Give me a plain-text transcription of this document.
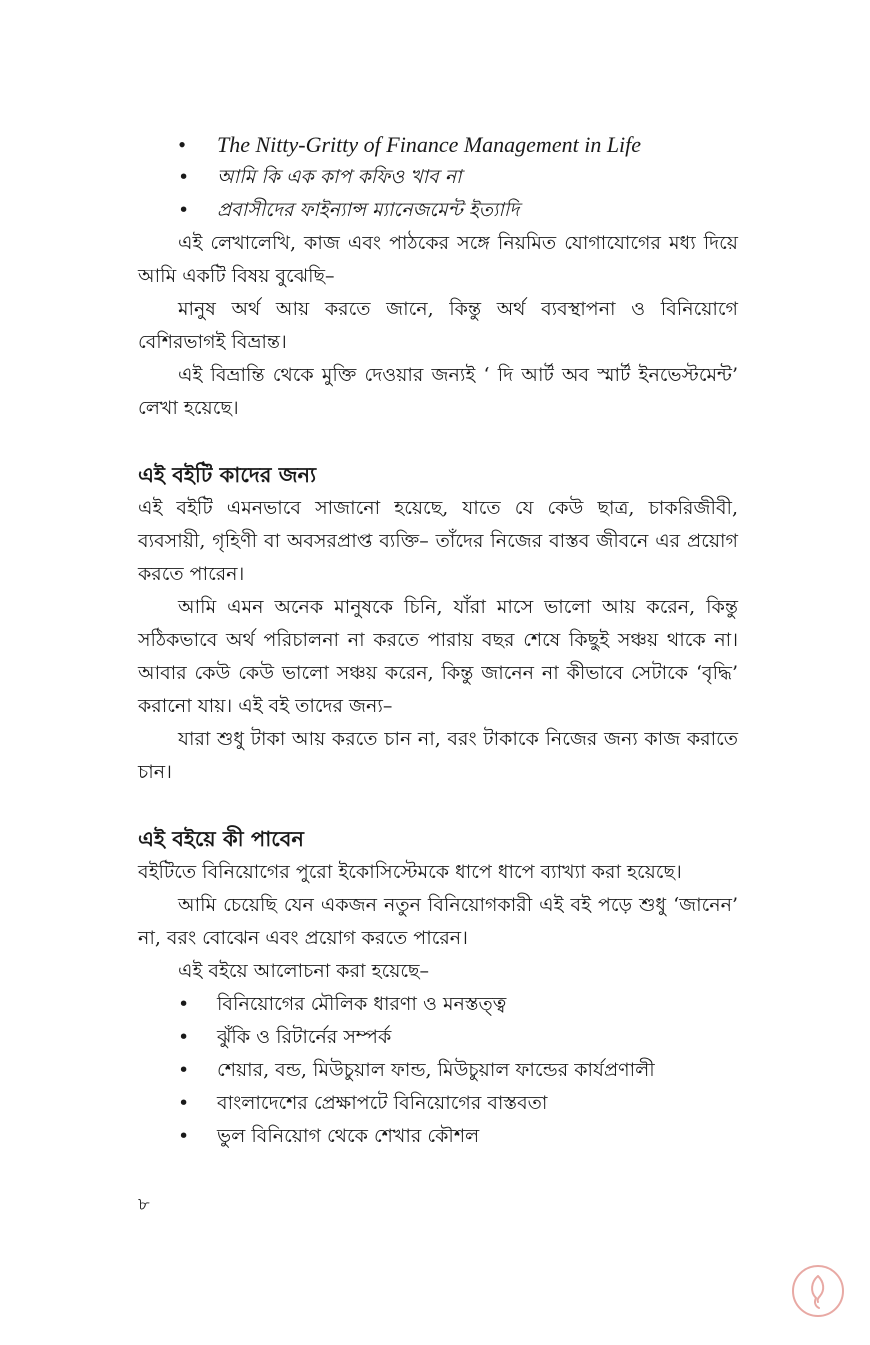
• The Nitty-Gritty of Finance Management in Life
• আমি কি এক কাপ কফিও খাব না
• প্রবাসীদের ফাইন্যান্স ম্যানেজমেন্ট ইত্যাদি

এই লেখালেখি, কাজ এবং পাঠকের সঙ্গে নিয়মিত যোগাযোগের মধ্য দিয়ে আমি একটি বিষয় বুঝেছি–

মানুষ অর্থ আয় করতে জানে, কিন্তু অর্থ ব্যবস্থাপনা ও বিনিয়োগে বেশিরভাগই বিভ্রান্ত।

এই বিভ্রান্তি থেকে মুক্তি দেওয়ার জন্যই ‘ দি আর্ট অব স্মার্ট ইনভেস্টমেন্ট’ লেখা হয়েছে।

এই বইটি কাদের জন্য

এই বইটি এমনভাবে সাজানো হয়েছে, যাতে যে কেউ ছাত্র, চাকরিজীবী, ব্যবসায়ী, গৃহিণী বা অবসরপ্রাপ্ত ব্যক্তি– তাঁদের নিজের বাস্তব জীবনে এর প্রয়োগ করতে পারেন।

আমি এমন অনেক মানুষকে চিনি, যাঁরা মাসে ভালো আয় করেন, কিন্তু সঠিকভাবে অর্থ পরিচালনা না করতে পারায় বছর শেষে কিছুই সঞ্চয় থাকে না। আবার কেউ কেউ ভালো সঞ্চয় করেন, কিন্তু জানেন না কীভাবে সেটাকে ‘বৃদ্ধি’ করানো যায়। এই বই তাদের জন্য–

যারা শুধু টাকা আয় করতে চান না, বরং টাকাকে নিজের জন্য কাজ করাতে চান।

এই বইয়ে কী পাবেন

বইটিতে বিনিয়োগের পুরো ইকোসিস্টেমকে ধাপে ধাপে ব্যাখ্যা করা হয়েছে।

আমি চেয়েছি যেন একজন নতুন বিনিয়োগকারী এই বই পড়ে শুধু ‘জানেন’ না, বরং বোঝেন এবং প্রয়োগ করতে পারেন।

এই বইয়ে আলোচনা করা হয়েছে–

• বিনিয়োগের মৌলিক ধারণা ও মনস্তত্ত্ব
• ঝুঁকি ও রিটার্নের সম্পর্ক
• শেয়ার, বন্ড, মিউচুয়াল ফান্ড, মিউচুয়াল ফান্ডের কার্যপ্রণালী
• বাংলাদেশের প্রেক্ষাপটে বিনিয়োগের বাস্তবতা
• ভুল বিনিয়োগ থেকে শেখার কৌশল
৮
